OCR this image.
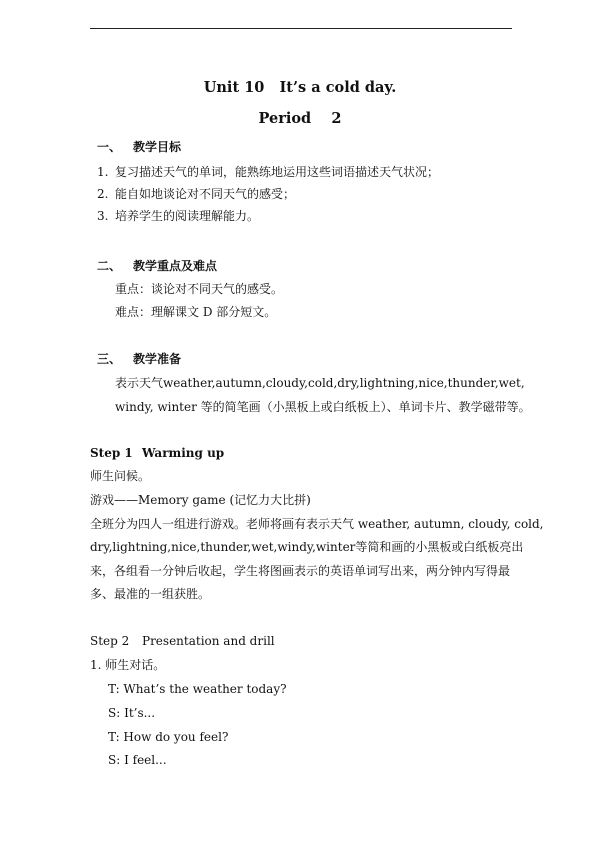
Unit 10   It’s a cold day.
Period    2
一、 教学目标
1. 复习描述天气的单词，能熟练地运用这些词语描述天气状况；
2. 能自如地谈论对不同天气的感受；
3. 培养学生的阅读理解能力。
二、 教学重点及难点
重点：谈论对不同天气的感受。
难点：理解课文 D 部分短文。
三、 教学准备
表示天气 weather, autumn, cloudy, cold, dry, lightning, nice, thunder, wet,
windy, winter 等的简笔画（小黑板上或白纸板上）、单词卡片、教学磁带等。
Step 1 Warming up
师生问候。
游戏——Memory game (记忆力大比拼)
全班分为四人一组进行游戏。老师将画有表示天气 weather, autumn, cloudy, cold,
dry, lightning, nice, thunder, wet, windy, winter 等简和画的小黑板或白纸板亮出
来，各组看一分钟后收起，学生将图画表示的英语单词写出来，两分钟内写得最
多、最准的一组获胜。
Step 2 Presentation and drill
1. 师生对话。
T: What’s the weather today?
S: It’s...
T: How do you feel?
S: I feel...
